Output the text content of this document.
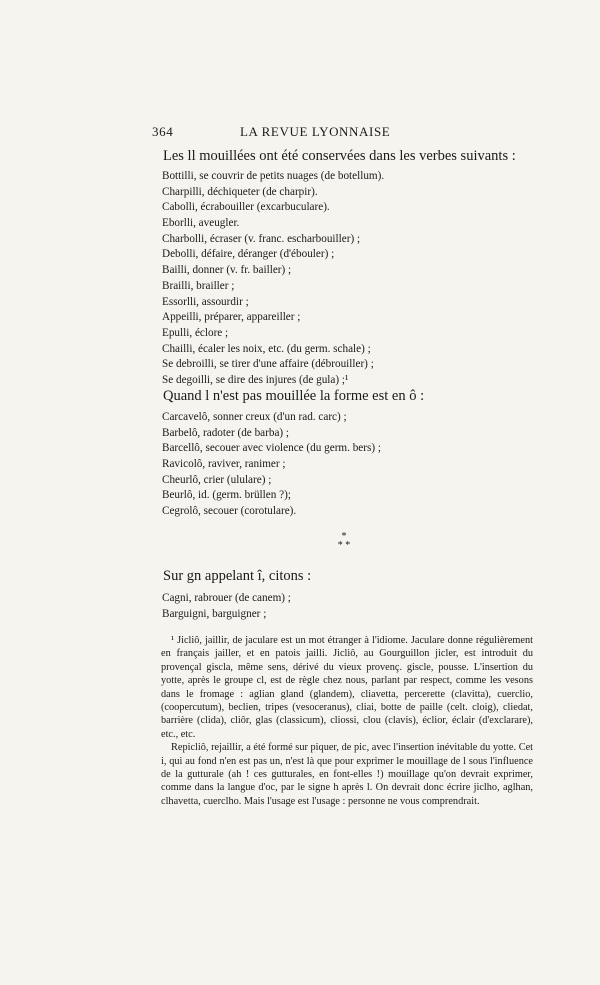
364	LA REVUE LYONNAISE
Les ll mouillées ont été conservées dans les verbes suivants :
Bottilli, se couvrir de petits nuages (de botellum).
Charpilli, déchiqueter (de charpir).
Cabolli, écrabouiller (excarbuculare).
Eborlli, aveugler.
Charbolli, écraser (v. franc. escharbouiller) ;
Debolli, défaire, déranger (d'ébouler) ;
Bailli, donner (v. fr. bailler) ;
Brailli, brailler ;
Essorlli, assourdir ;
Appeilli, préparer, appareiller ;
Epulli, éclore ;
Chailli, écaler les noix, etc. (du germ. schale) ;
Se debroilli, se tirer d'une affaire (débrouiller) ;
Se degoilli, se dire des injures (de gula) ;¹
Quand l n'est pas mouillée la forme est en ô :
Carcavelô, sonner creux (d'un rad. carc) ;
Barbelô, radoter (de barba) ;
Barcellô, secouer avec violence (du germ. bers) ;
Ravicolô, raviver, ranimer ;
Cheurlô, crier (ululare) ;
Beurlô, id. (germ. brüllen ?);
Cegrolô, secouer (corotulare).
*
* *
Sur gn appelant î, citons :
Cagni, rabrouer (de canem) ;
Barguigni, barguigner ;

¹ Jicliô, jaillir, de jaculare est un mot étranger à l'idiome. Jaculare donne régulièrement en français jailler, et en patois jailli. Jicliô, au Gourguillon jicler, est introduit du provençal giscla, même sens, dérivé du vieux provenç. giscle, pousse. L'insertion du yotte, après le groupe cl, est de règle chez nous, parlant par respect, comme les vesons dans le fromage : aglian gland (glandem), cliavetta, percerette (clavitta), cuerclio, (coopercutum), beclien, tripes (vesoceranus), cliai, botte de paille (celt. cloig), cliedat, barrière (clida), cliôr, glas (classicum), cliossi, clou (clavis), éclior, éclair (d'exclarare), etc., etc.

Repicliô, rejaillir, a été formé sur piquer, de pic, avec l'insertion inévitable du yotte. Cet i, qui au fond n'en est pas un, n'est là que pour exprimer le mouillage de l sous l'influence de la gutturale (ah ! ces gutturales, en font-elles !) mouillage qu'on devrait exprimer, comme dans la langue d'oc, par le signe h après l. On devrait donc écrire jiclho, aglhan, clhavetta, cuerclho. Mais l'usage est l'usage : personne ne vous comprendrait.
